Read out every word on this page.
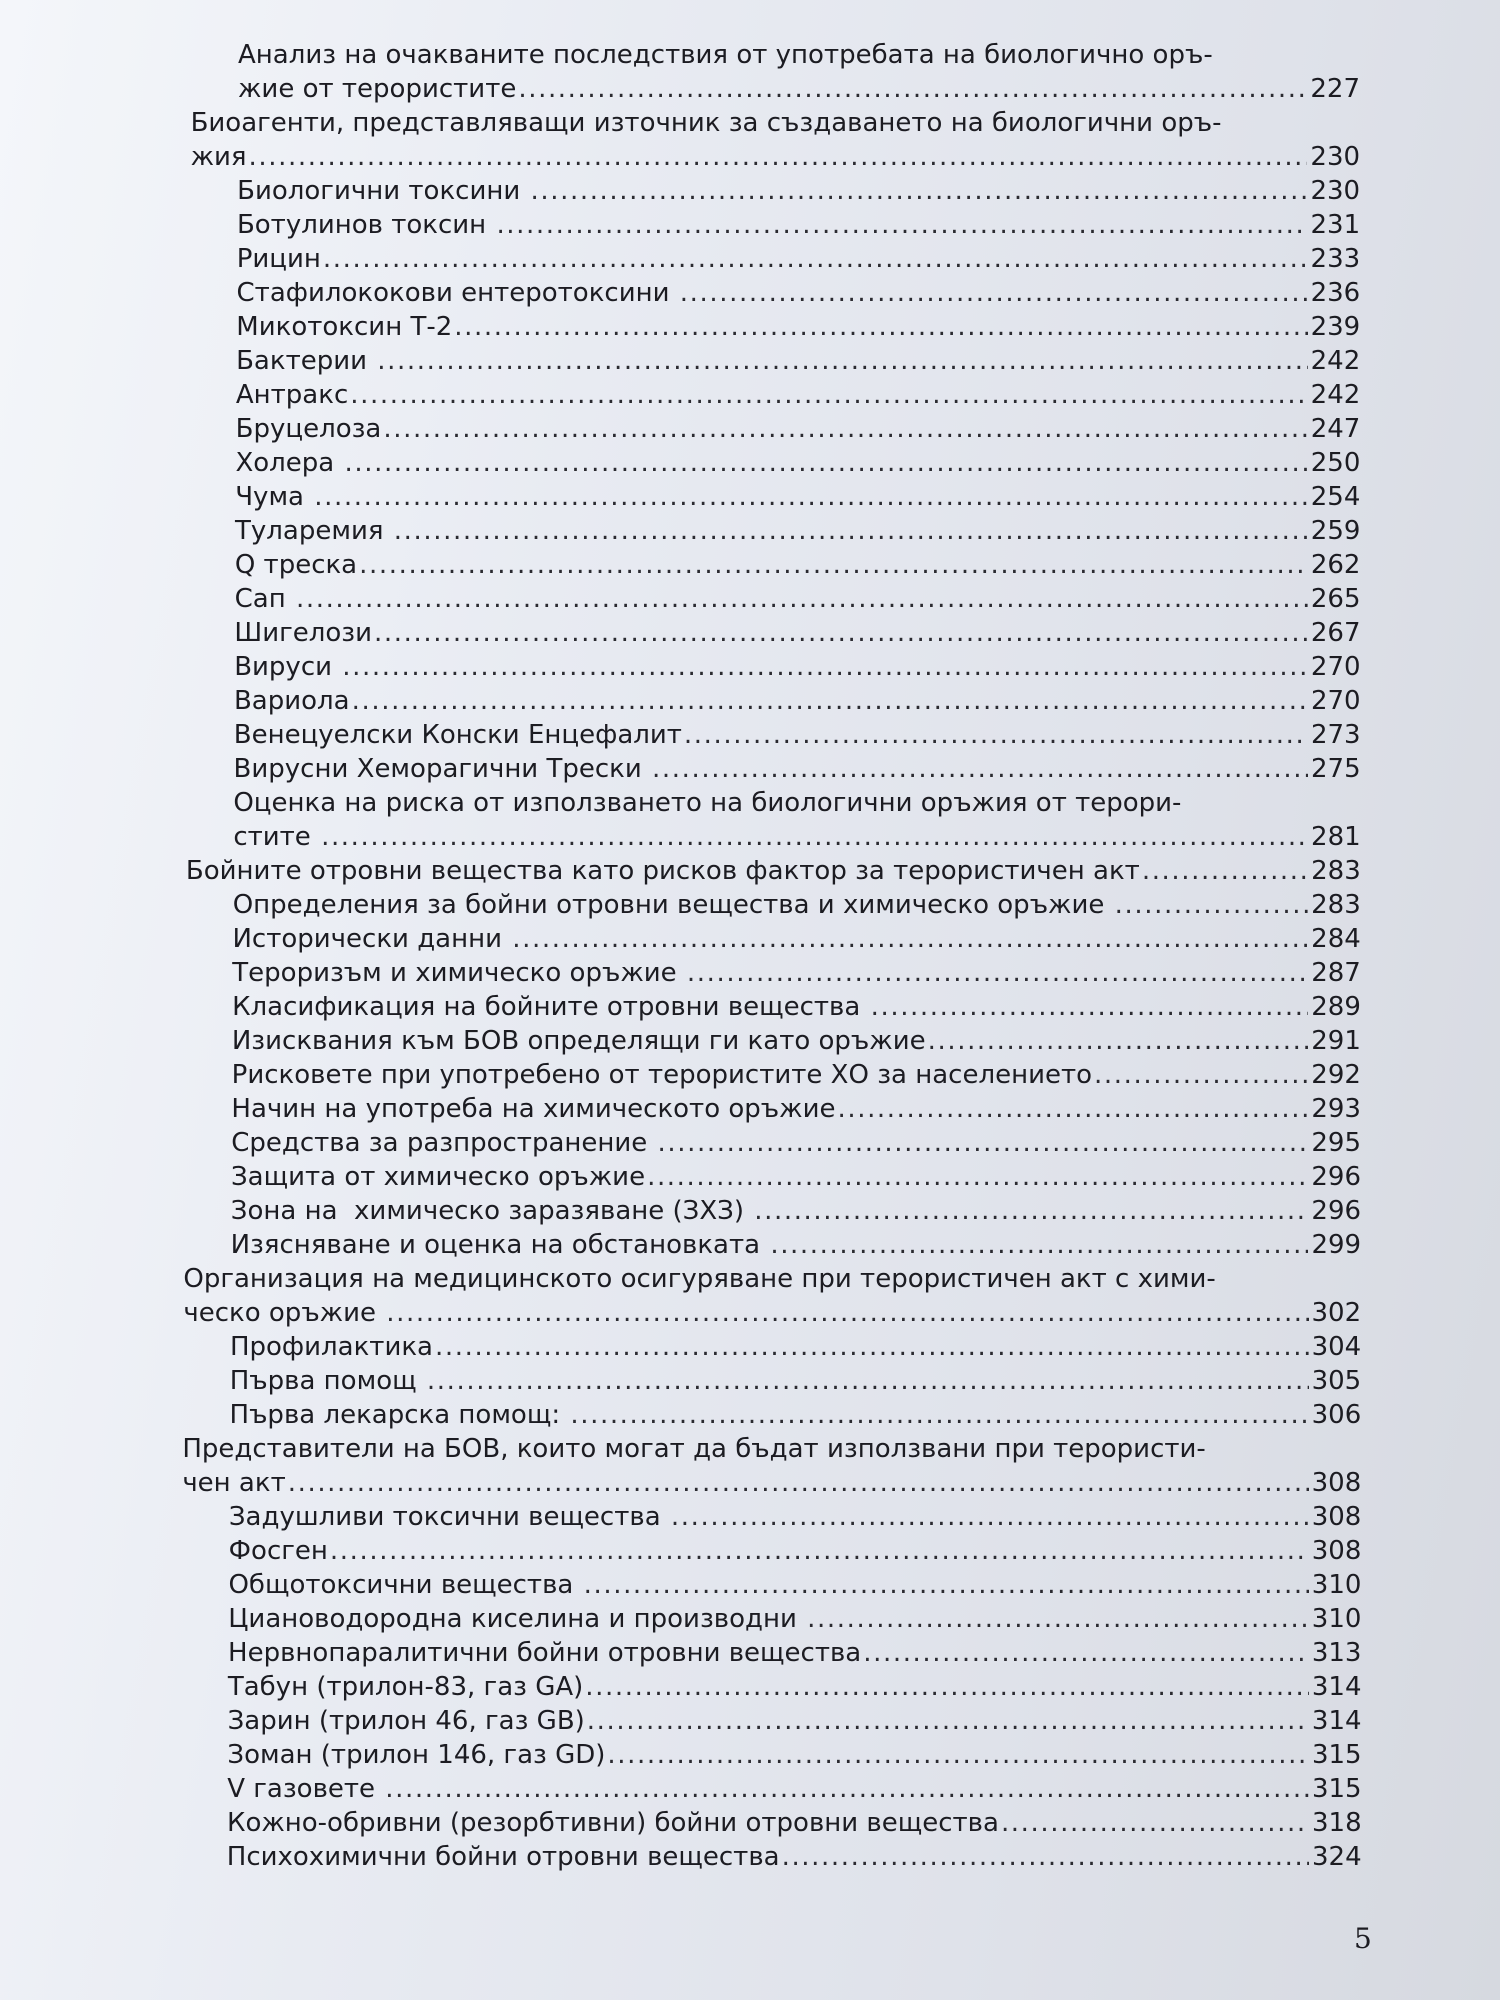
Анализ на очакваните последствия от употребата на биологично оръ-
жие от терористите .....	227
Биоагенти, представляващи източник за създаването на биологични оръ-
жия .....	230
Биологични токсини .....	230
Ботулинов токсин .....	231
Рицин .....	233
Стафилококови ентеротоксини .....	236
Микотоксин Т-2 .....	239
Бактерии .....	242
Антракс .....	242
Бруцелоза .....	247
Холера .....	250
Чума .....	254
Туларемия .....	259
Q треска .....	262
Сап .....	265
Шигелози .....	267
Вируси .....	270
Вариола .....	270
Венецуелски Конски Енцефалит .....	273
Вирусни Хеморагични Трески .....	275
Оценка на риска от използването на биологични оръжия от терори-
стите .....	281
Бойните отровни вещества като рисков фактор за терористичен акт .....	283
Определения за бойни отровни вещества и химическо оръжие .....	283
Исторически данни .....	284
Тероризъм и химическо оръжие .....	287
Класификация на бойните отровни вещества .....	289
Изисквания към БОВ определящи ги като оръжие .....	291
Рисковете при употребено от терористите ХО за населението .....	292
Начин на употреба на химическото оръжие .....	293
Средства за разпространение .....	295
Защита от химическо оръжие .....	296
Зона на  химическо заразяване (ЗХЗ) .....	296
Изясняване и оценка на обстановката .....	299
Организация на медицинското осигуряване при терористичен акт с хими-
ческо оръжие .....	302
Профилактика .....	304
Първа помощ .....	305
Първа лекарска помощ: .....	306
Представители на БОВ, които могат да бъдат използвани при терористи-
чен акт .....	308
Задушливи токсични вещества .....	308
Фосген .....	308
Общотоксични вещества .....	310
Циановодородна киселина и производни .....	310
Нервнопаралитични бойни отровни вещества .....	313
Табун (трилон-83, газ GA) .....	314
Зарин (трилон 46, газ GB) .....	314
Зоман (трилон 146, газ GD) .....	315
V газовете .....	315
Кожно-обривни (резорбтивни) бойни отровни вещества .....	318
Психохимични бойни отровни вещества .....	324
5
